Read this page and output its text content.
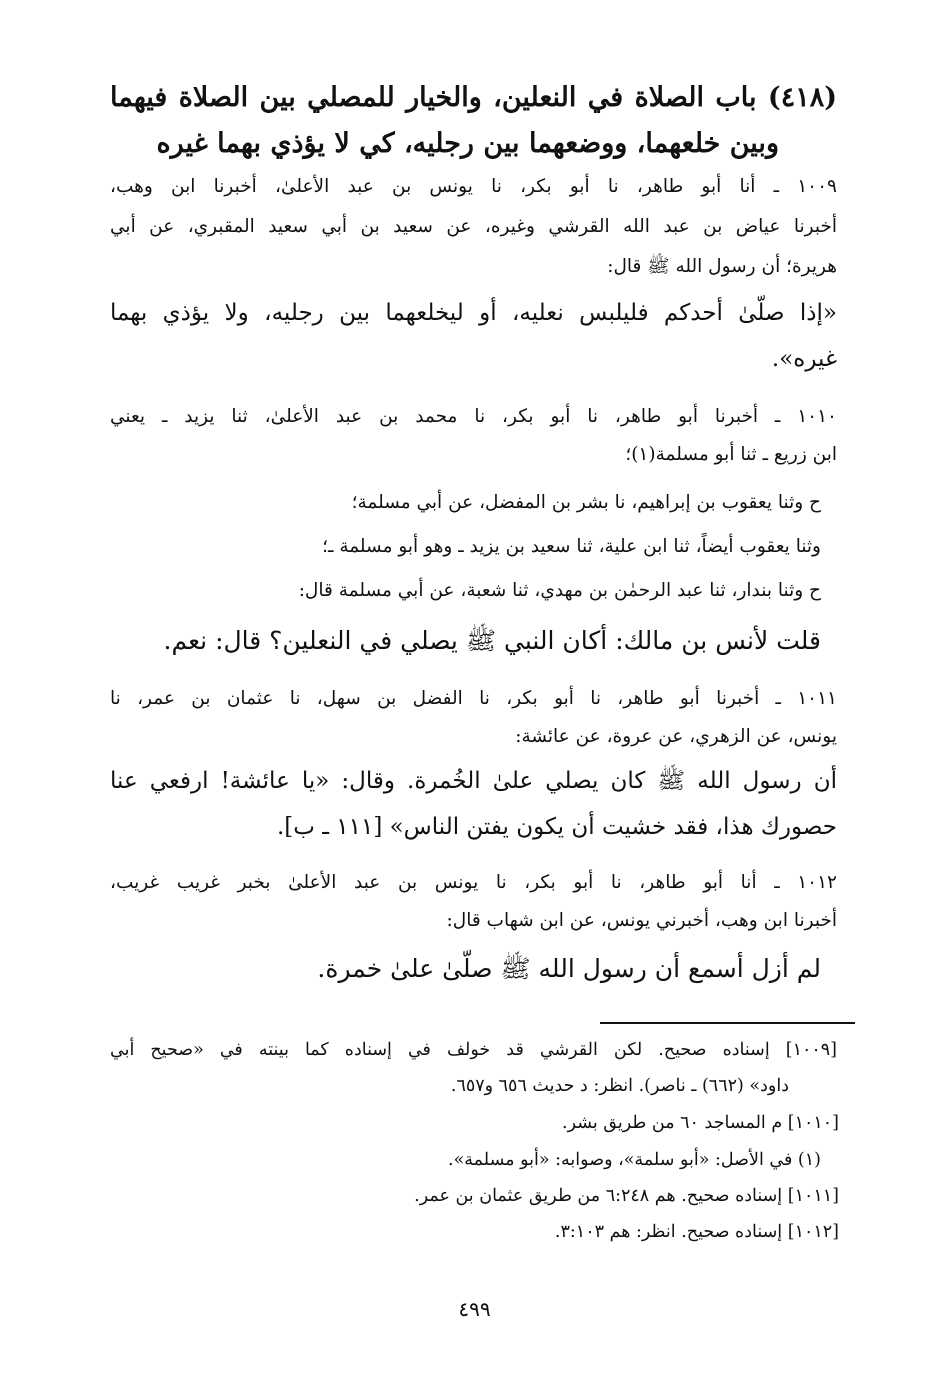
(٤١٨) باب الصلاة في النعلين، والخيار للمصلي بين الصلاة فيهما
وبين خلعهما، ووضعهما بين رجليه، كي لا يؤذي بهما غيره
١٠٠٩ ـ أنا أبو طاهر، نا أبو بكر، نا يونس بن عبد الأعلىٰ، أخبرنا ابن وهب،
أخبرنا عياض بن عبد الله القرشي وغيره، عن سعيد بن أبي سعيد المقبري، عن أبي
هريرة؛ أن رسول الله ﷺ قال:
«إذا صلّىٰ أحدكم فليلبس نعليه، أو ليخلعهما بين رجليه، ولا يؤذي بهما
غيره».
١٠١٠ ـ أخبرنا أبو طاهر، نا أبو بكر، نا محمد بن عبد الأعلىٰ، ثنا يزيد ـ يعني
ابن زريع ـ ثنا أبو مسلمة(١)؛
ح وثنا يعقوب بن إبراهيم، نا بشر بن المفضل، عن أبي مسلمة؛
وثنا يعقوب أيضاً، ثنا ابن علية، ثنا سعيد بن يزيد ـ وهو أبو مسلمة ـ؛
ح وثنا بندار، ثنا عبد الرحمٰن بن مهدي، ثنا شعبة، عن أبي مسلمة قال:
قلت لأنس بن مالك: أكان النبي ﷺ يصلي في النعلين؟ قال: نعم.
١٠١١ ـ أخبرنا أبو طاهر، نا أبو بكر، نا الفضل بن سهل، نا عثمان بن عمر، نا
يونس، عن الزهري، عن عروة، عن عائشة:
أن رسول الله ﷺ كان يصلي علىٰ الخُمرة. وقال: «يا عائشة! ارفعي عنا
حصورك هذا، فقد خشيت أن يكون يفتن الناس» [١١١ ـ ب].
١٠١٢ ـ أنا أبو طاهر، نا أبو بكر، نا يونس بن عبد الأعلىٰ بخبر غريب غريب،
أخبرنا ابن وهب، أخبرني يونس، عن ابن شهاب قال:
لم أزل أسمع أن رسول الله ﷺ صلّىٰ علىٰ خمرة.
[١٠٠٩] إسناده صحيح. لكن القرشي قد خولف في إسناده كما بينته في «صحيح أبي
داود» (٦٦٢) ـ ناصر). انظر: د حديث ٦٥٦ و٦٥٧.
[١٠١٠] م المساجد ٦٠ من طريق بشر.
(١) في الأصل: «أبو سلمة»، وصوابه: «أبو مسلمة».
[١٠١١] إسناده صحيح. هم ٦:٢٤٨ من طريق عثمان بن عمر.
[١٠١٢] إسناده صحيح. انظر: هم ٣:١٠٣.
٤٩٩
